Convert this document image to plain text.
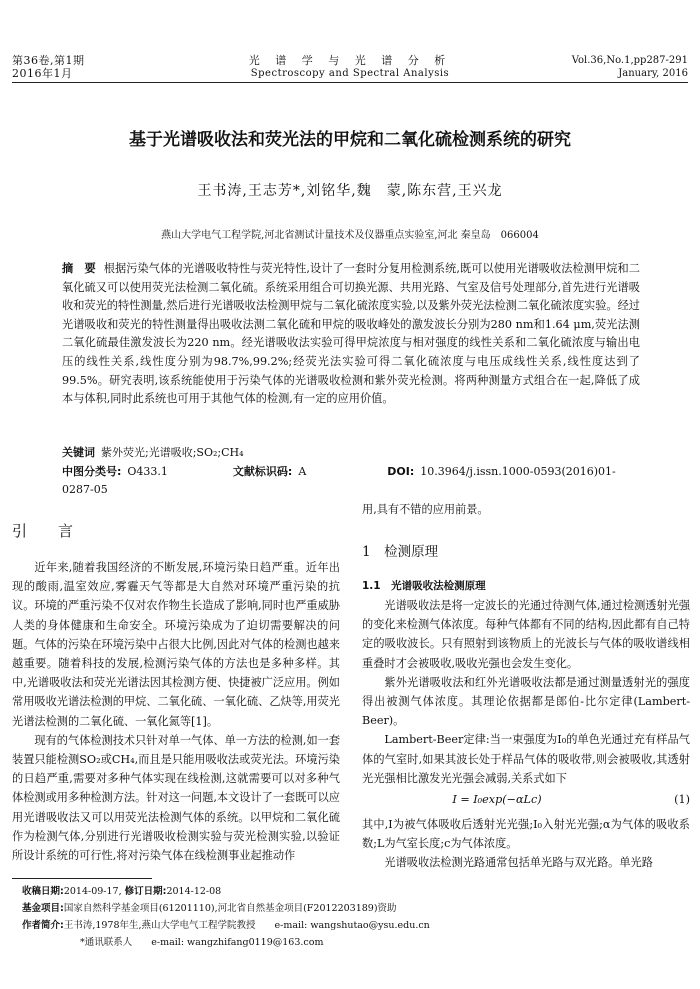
第36卷,第1期
2016年1月
光 谱 学 与 光 谱 分 析
Spectroscopy and Spectral Analysis
Vol.36,No.1,pp287-291
January, 2016
基于光谱吸收法和荧光法的甲烷和二氧化硫检测系统的研究
王书涛,王志芳*,刘铭华,魏　蒙,陈东营,王兴龙
燕山大学电气工程学院,河北省测试计量技术及仪器重点实验室,河北 秦皇岛　066004
摘　要 根据污染气体的光谱吸收特性与荧光特性,设计了一套时分复用检测系统,既可以使用光谱吸收法检测甲烷和二氧化硫又可以使用荧光法检测二氧化硫。系统采用组合可切换光源、共用光路、气室及信号处理部分,首先进行光谱吸收和荧光的特性测量,然后进行光谱吸收法检测甲烷与二氧化硫浓度实验,以及紫外荧光法检测二氧化硫浓度实验。经过光谱吸收和荧光的特性测量得出吸收法测二氧化硫和甲烷的吸收峰处的激发波长分别为280 nm和1.64 μm,荧光法测二氧化硫最佳激发波长为220 nm。经光谱吸收法实验可得甲烷浓度与相对强度的线性关系和二氧化硫浓度与输出电压的线性关系,线性度分别为98.7%,99.2%;经荧光法实验可得二氧化硫浓度与电压成线性关系,线性度达到了99.5%。研究表明,该系统能使用于污染气体的光谱吸收检测和紫外荧光检测。将两种测量方式组合在一起,降低了成本与体积,同时此系统也可用于其他气体的检测,有一定的应用价值。
关键词 紫外荧光;光谱吸收;SO₂;CH₄
中图分类号: O433.1	文献标识码: A	DOI: 10.3964/j.issn.1000-0593(2016)01-0287-05
引　言

近年来,随着我国经济的不断发展,环境污染日趋严重。近年出现的酸雨,温室效应,雾霾天气等都是大自然对环境严重污染的抗议。环境的严重污染不仅对农作物生长造成了影响,同时也严重威胁人类的身体健康和生命安全。环境污染成为了迫切需要解决的问题。气体的污染在环境污染中占很大比例,因此对气体的检测也越来越重要。随着科技的发展,检测污染气体的方法也是多种多样。其中,光谱吸收法和荧光光谱法因其检测方便、快捷被广泛应用。例如常用吸收光谱法检测的甲烷、二氧化硫、一氧化硫、乙炔等,用荧光光谱法检测的二氧化硫、一氧化氮等[1]。

现有的气体检测技术只针对单一气体、单一方法的检测,如一套装置只能检测SO₂或CH₄,而且是只能用吸收法或荧光法。环境污染的日趋严重,需要对多种气体实现在线检测,这就需要可以对多种气体检测或用多种检测方法。针对这一问题,本文设计了一套既可以应用光谱吸收法又可以用荧光法检测气体的系统。以甲烷和二氧化硫作为检测气体,分别进行光谱吸收检测实验与荧光检测实验,以验证所设计系统的可行性,将对污染气体在线检测事业起推动作

用,具有不错的应用前景。

1　检测原理
1.1　光谱吸收法检测原理

光谱吸收法是将一定波长的光通过待测气体,通过检测透射光强的变化来检测气体浓度。每种气体都有不同的结构,因此都有自己特定的吸收波长。只有照射到该物质上的光波长与气体的吸收谱线相重叠时才会被吸收,吸收光强也会发生变化。

紫外光谱吸收法和红外光谱吸收法都是通过测量透射光的强度得出被测气体浓度。其理论依据都是郎伯-比尔定律(Lambert-Beer)。

Lambert-Beer定律:当一束强度为I₀的单色光通过充有样品气体的气室时,如果其波长处于样品气体的吸收带,则会被吸收,其透射光光强相比激发光光强会减弱,关系式如下

I = I₀exp(−αLc)	(1)

其中,I为被气体吸收后透射光光强;I₀入射光光强;α为气体的吸收系数;L为气室长度;c为气体浓度。

光谱吸收法检测光路通常包括单光路与双光路。单光路

收稿日期:2014-09-17, 修订日期:2014-12-08
基金项目:国家自然科学基金项目(61201110),河北省自然基金项目(F2012203189)资助
作者简介:王书涛,1978年生,燕山大学电气工程学院教授　　e-mail: wangshutao@ysu.edu.cn
*通讯联系人　　e-mail: wangzhifang0119@163.com
